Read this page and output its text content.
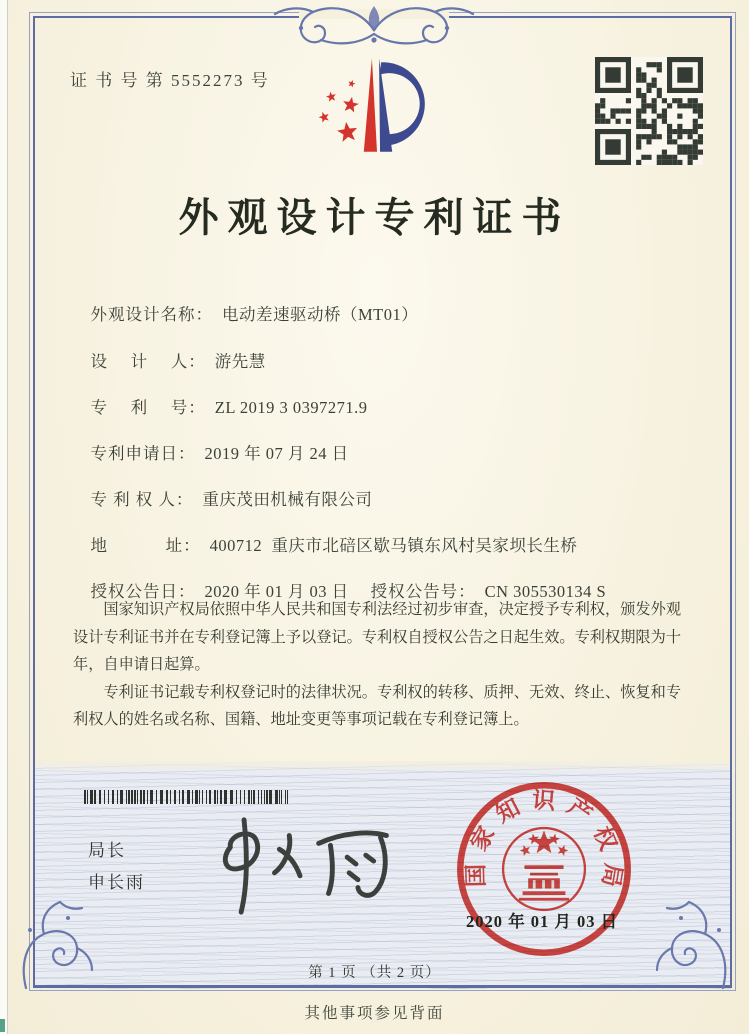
证 书 号 第 5552273 号
外观设计专利证书

外观设计名称： 电动差速驱动桥（MT01）

设　 计　 人： 游先慧

专　 利　 号： ZL 2019 3 0397271.9

专利申请日： 2019 年 07 月 24 日

专 利 权 人： 重庆茂田机械有限公司

地　　　 址： 400712  重庆市北碚区歇马镇东风村吴家坝长生桥

授权公告日： 2020 年 01 月 03 日 授权公告号： CN 305530134 S

国家知识产权局依照中华人民共和国专利法经过初步审查，决定授予专利权，颁发外观设计专利证书并在专利登记簿上予以登记。专利权自授权公告之日起生效。专利权期限为十年，自申请日起算。

专利证书记载专利权登记时的法律状况。专利权的转移、质押、无效、终止、恢复和专利权人的姓名或名称、国籍、地址变更等事项记载在专利登记簿上。

局长
申长雨	国家知识产权局
2020 年 01 月 03 日
第 1 页 （共 2 页）
其他事项参见背面
